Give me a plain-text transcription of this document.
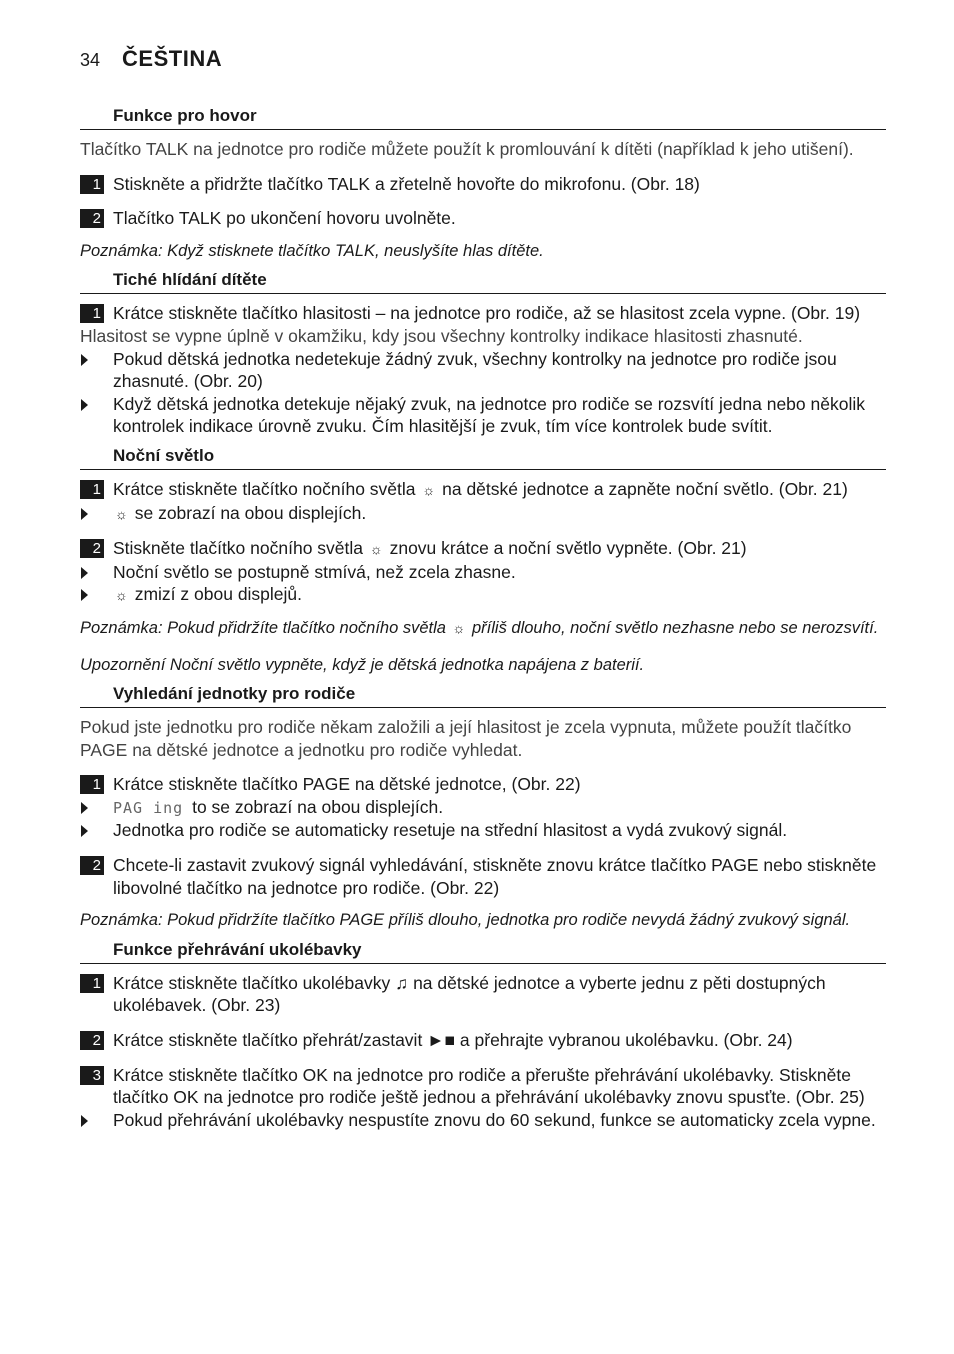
34 ČEŠTINA
Funkce pro hovor

Tlačítko TALK na jednotce pro rodiče můžete použít k promlouvání k dítěti (například k jeho utišení).

1 Stiskněte a přidržte tlačítko TALK a zřetelně hovořte do mikrofonu. (Obr. 18)

2 Tlačítko TALK po ukončení hovoru uvolněte.

Poznámka: Když stisknete tlačítko TALK, neuslyšíte hlas dítěte.

Tiché hlídání dítěte
1 Krátce stiskněte tlačítko hlasitosti – na jednotce pro rodiče, až se hlasitost zcela vypne. (Obr. 19)

Hlasitost se vypne úplně v okamžiku, kdy jsou všechny kontrolky indikace hlasitosti zhasnuté.

Pokud dětská jednotka nedetekuje žádný zvuk, všechny kontrolky na jednotce pro rodiče jsou zhasnuté. (Obr. 20)

Když dětská jednotka detekuje nějaký zvuk, na jednotce pro rodiče se rozsvítí jedna nebo několik kontrolek indikace úrovně zvuku. Čím hlasitější je zvuk, tím více kontrolek bude svítit.

Noční světlo
1 Krátce stiskněte tlačítko nočního světla ☼ na dětské jednotce a zapněte noční světlo. (Obr. 21)

☼ se zobrazí na obou displejích.

2 Stiskněte tlačítko nočního světla ☼ znovu krátce a noční světlo vypněte. (Obr. 21)

Noční světlo se postupně stmívá, než zcela zhasne.

☼ zmizí z obou displejů.

Poznámka: Pokud přidržíte tlačítko nočního světla ☼ příliš dlouho, noční světlo nezhasne nebo se nerozsvítí.

Upozornění Noční světlo vypněte, když je dětská jednotka napájena z baterií.

Vyhledání jednotky pro rodiče

Pokud jste jednotku pro rodiče někam založili a její hlasitost je zcela vypnuta, můžete použít tlačítko PAGE na dětské jednotce a jednotku pro rodiče vyhledat.

1 Krátce stiskněte tlačítko PAGE na dětské jednotce, (Obr. 22)

PAG ing to se zobrazí na obou displejích.

Jednotka pro rodiče se automaticky resetuje na střední hlasitost a vydá zvukový signál.

2 Chcete-li zastavit zvukový signál vyhledávání, stiskněte znovu krátce tlačítko PAGE nebo stiskněte libovolné tlačítko na jednotce pro rodiče. (Obr. 22)

Poznámka: Pokud přidržíte tlačítko PAGE příliš dlouho, jednotka pro rodiče nevydá žádný zvukový signál.

Funkce přehrávání ukolébavky
1 Krátce stiskněte tlačítko ukolébavky ♫ na dětské jednotce a vyberte jednu z pěti dostupných ukolébavek. (Obr. 23)

2 Krátce stiskněte tlačítko přehrát/zastavit ►■ a přehrajte vybranou ukolébavku. (Obr. 24)

3 Krátce stiskněte tlačítko OK na jednotce pro rodiče a přerušte přehrávání ukolébavky. Stiskněte tlačítko OK na jednotce pro rodiče ještě jednou a přehrávání ukolébavky znovu spusťte. (Obr. 25)

Pokud přehrávání ukolébavky nespustíte znovu do 60 sekund, funkce se automaticky zcela vypne.
